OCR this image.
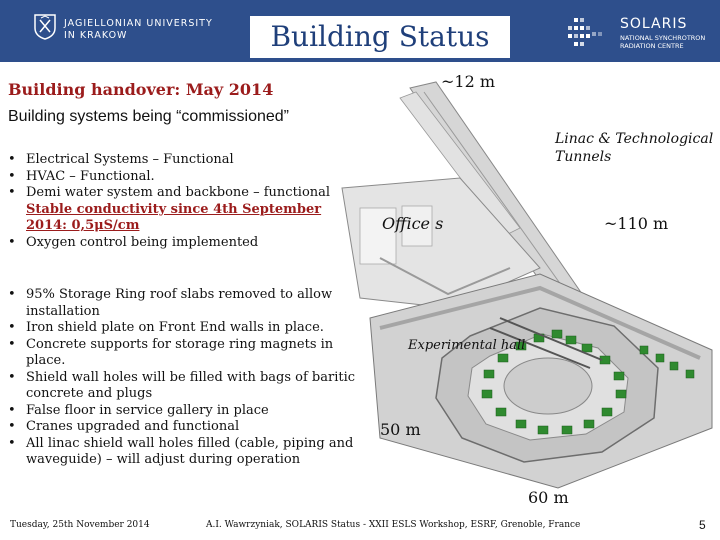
JAGIELLONIAN UNIVERSITY
IN KRAKOW
SOLARIS
NATIONAL SYNCHROTRON
RADIATION CENTRE
Building Status
Building handover: May 2014
Building systems being “commissioned”
• Electrical Systems – Functional
• HVAC – Functional.
• Demi water system and backbone – functional
Stable conductivity since 4th September 2014: 0,5μS/cm
• Oxygen control being implemented
• 95% Storage Ring roof slabs removed to allow installation
• Iron shield plate on Front End walls in place.
• Concrete supports for storage ring magnets in place.
• Shield wall holes will be filled with bags of baritic concrete and plugs
• False floor in service gallery in place
• Cranes upgraded and functional
• All linac shield wall holes filled (cable, piping and waveguide) – will adjust during operation
~12 m
Linac & Technological Tunnels
Office s	~110 m
Experimental hall
50 m
60 m
Tuesday, 25th November 2014	A.I. Wawrzyniak, SOLARIS Status - XXII ESLS Workshop, ESRF, Grenoble, France	5
